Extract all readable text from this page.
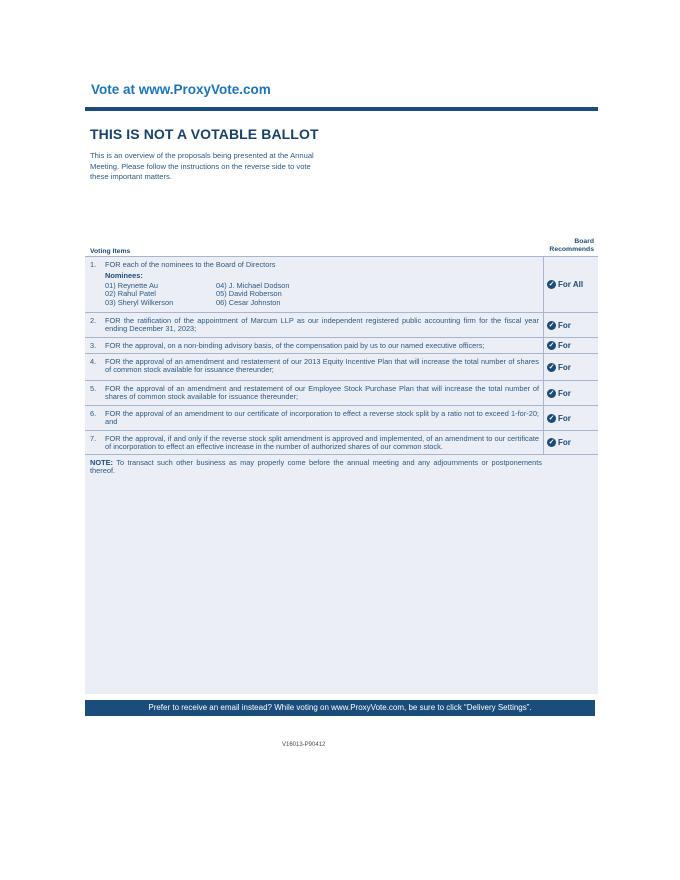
Vote at www.ProxyVote.com
THIS IS NOT A VOTABLE BALLOT
This is an overview of the proposals being presented at the Annual Meeting. Please follow the instructions on the reverse side to vote these important matters.
Voting Items
Board
Recommends
1.	FOR each of the nominees to the Board of Directors
Nominees:
01) Reynette Au	04) J. Michael Dodson
02) Rahul Patel	05) David Roberson
03) Sheryl Wilkerson	06) Cesar Johnston
✓ For All
2.	FOR the ratification of the appointment of Marcum LLP as our independent registered public accounting firm for the fiscal year ending December 31, 2023;	✓ For
3.	FOR the approval, on a non-binding advisory basis, of the compensation paid by us to our named executive officers;	✓ For
4.	FOR the approval of an amendment and restatement of our 2013 Equity Incentive Plan that will increase the total number of shares of common stock available for issuance thereunder;	✓ For
5.	FOR the approval of an amendment and restatement of our Employee Stock Purchase Plan that will increase the total number of shares of common stock available for issuance thereunder;	✓ For
6.	FOR the approval of an amendment to our certificate of incorporation to effect a reverse stock split by a ratio not to exceed 1-for-20; and	✓ For
7.	FOR the approval, if and only if the reverse stock split amendment is approved and implemented, of an amendment to our certificate of incorporation to effect an effective increase in the number of authorized shares of our common stock.	✓ For
NOTE: To transact such other business as may properly come before the annual meeting and any adjournments or postponements thereof.
Prefer to receive an email instead? While voting on www.ProxyVote.com, be sure to click “Delivery Settings”.
V16013-P90412
